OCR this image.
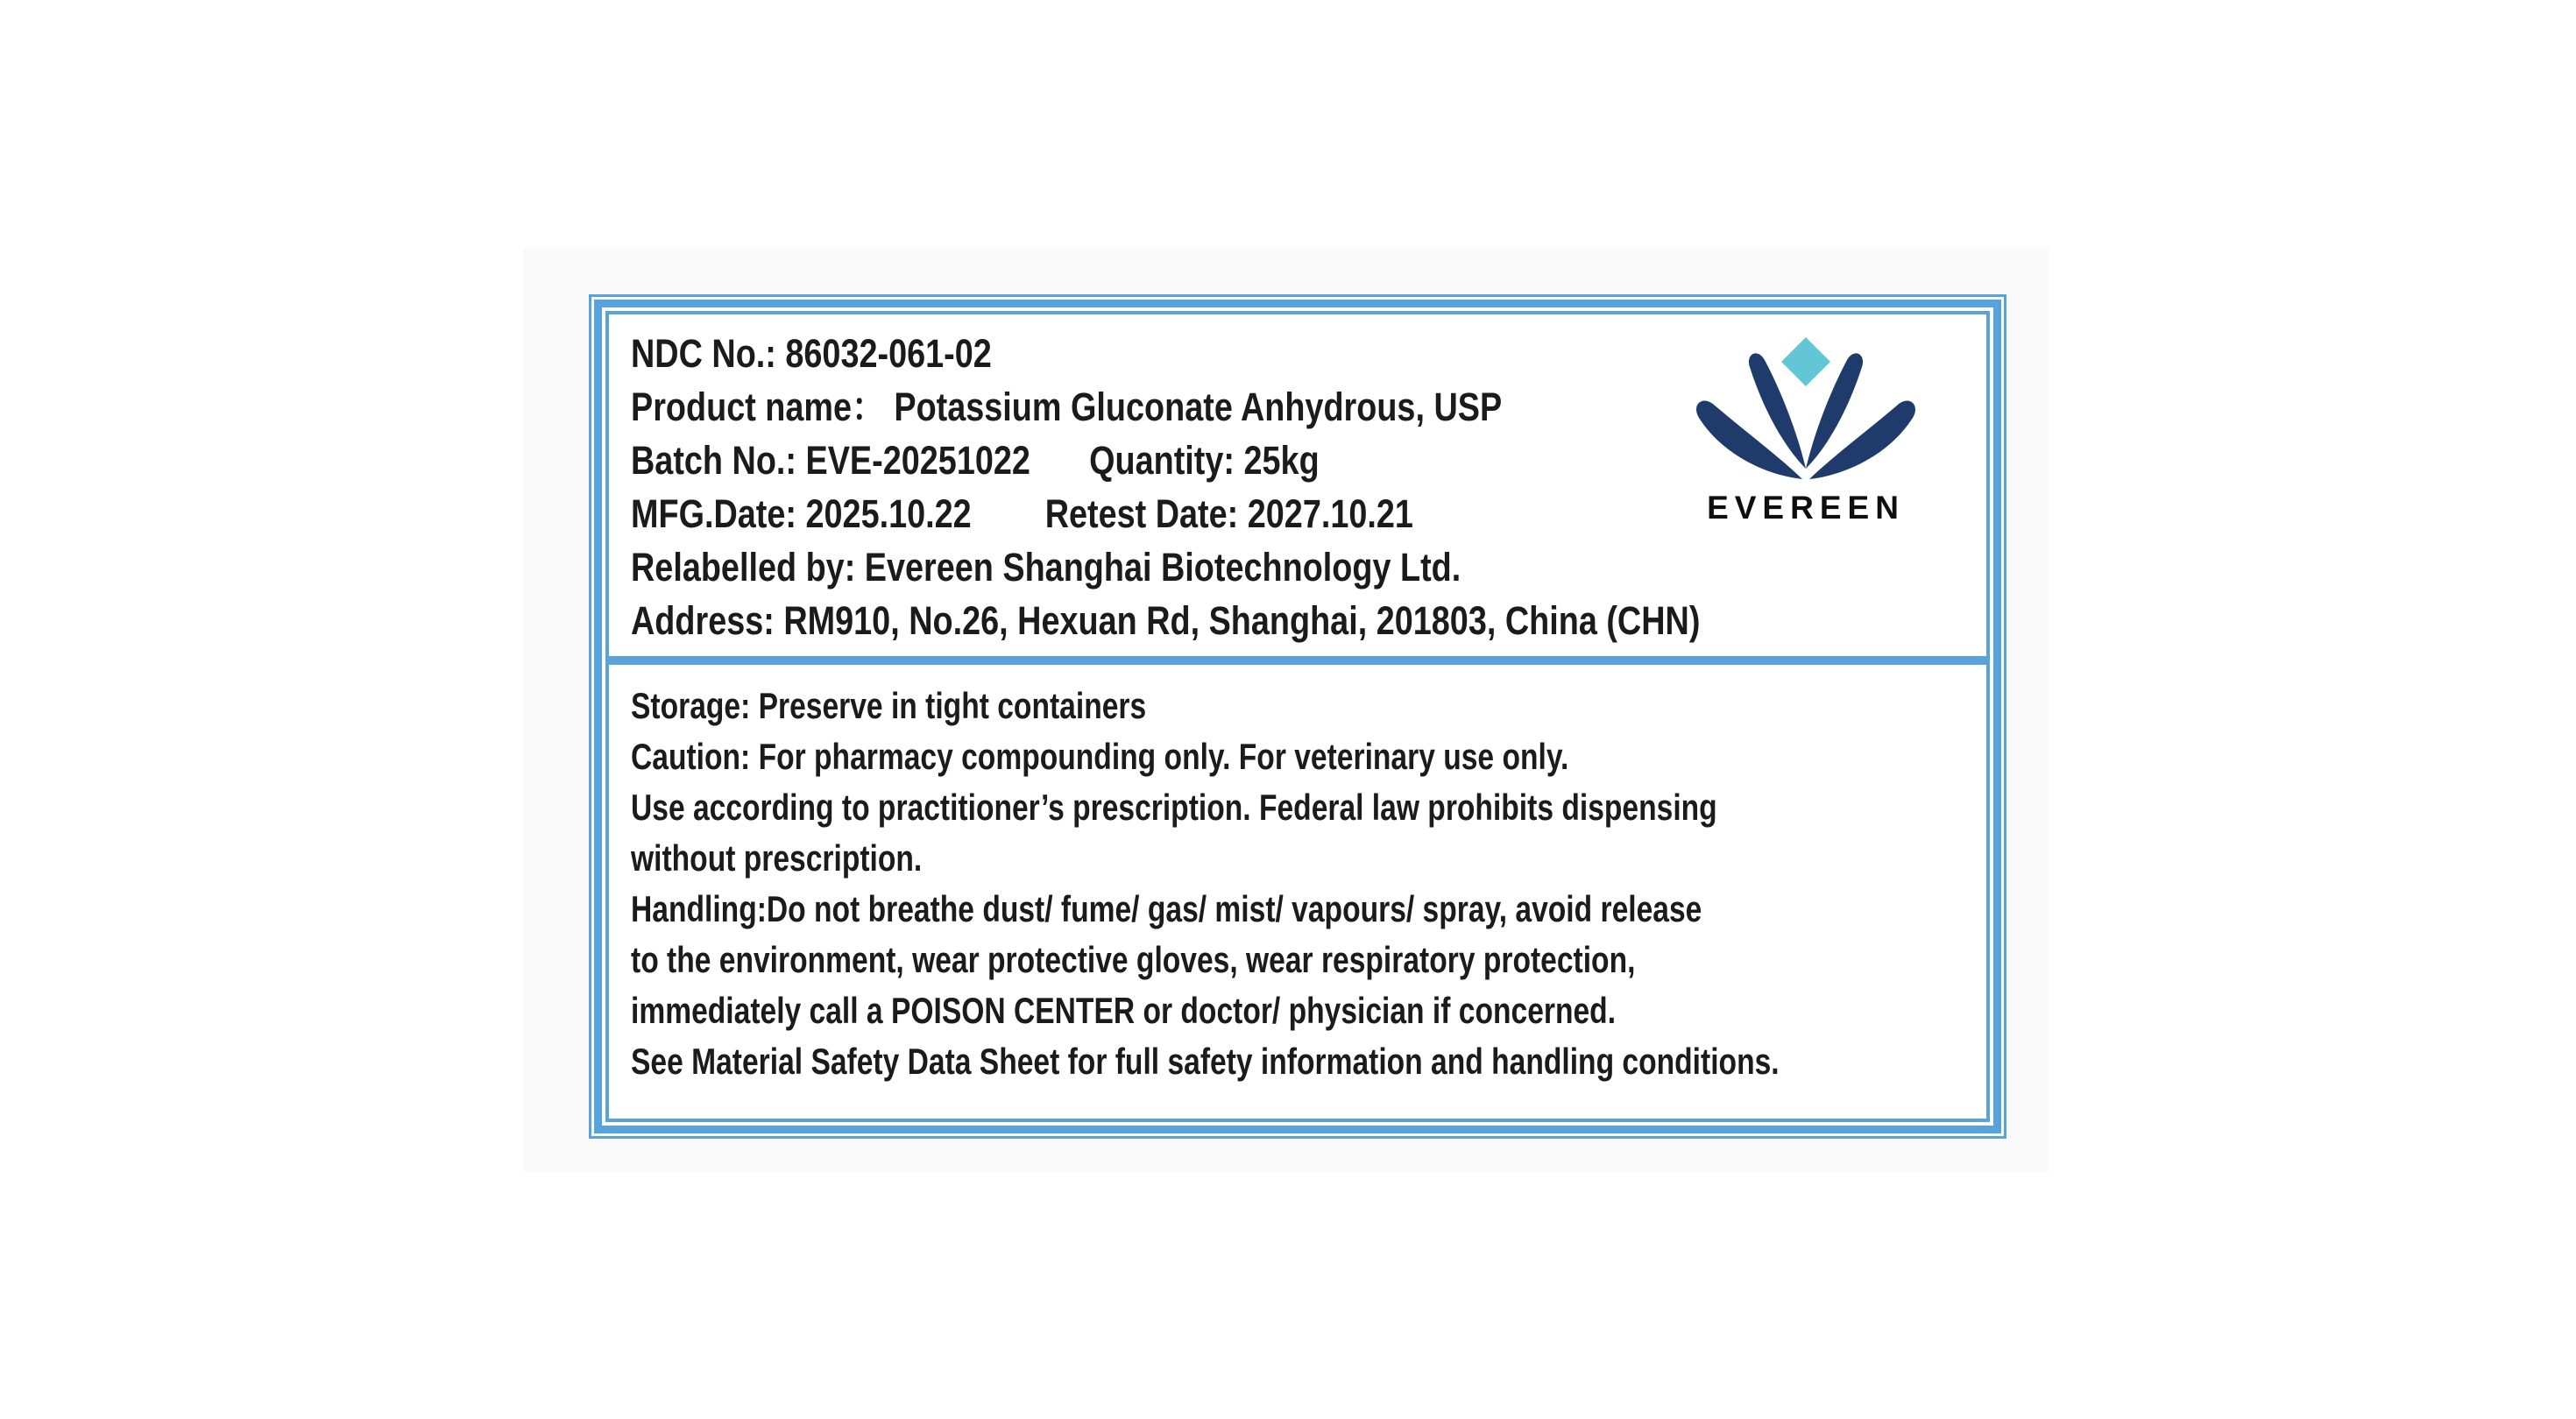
NDC No.: 86032-061-02
Product name： Potassium Gluconate Anhydrous, USP
Batch No.: EVE-20251022 Quantity: 25kg
MFG.Date: 2025.10.22 Retest Date: 2027.10.21
Relabelled by: Evereen Shanghai Biotechnology Ltd.
Address: RM910, No.26, Hexuan Rd, Shanghai, 201803, China (CHN)
EVEREEN
Storage: Preserve in tight containers
Caution: For pharmacy compounding only. For veterinary use only.
Use according to practitioner’s prescription. Federal law prohibits dispensing
without prescription.
Handling:Do not breathe dust/ fume/ gas/ mist/ vapours/ spray, avoid release
to the environment, wear protective gloves, wear respiratory protection,
immediately call a POISON CENTER or doctor/ physician if concerned.
See Material Safety Data Sheet for full safety information and handling conditions.
